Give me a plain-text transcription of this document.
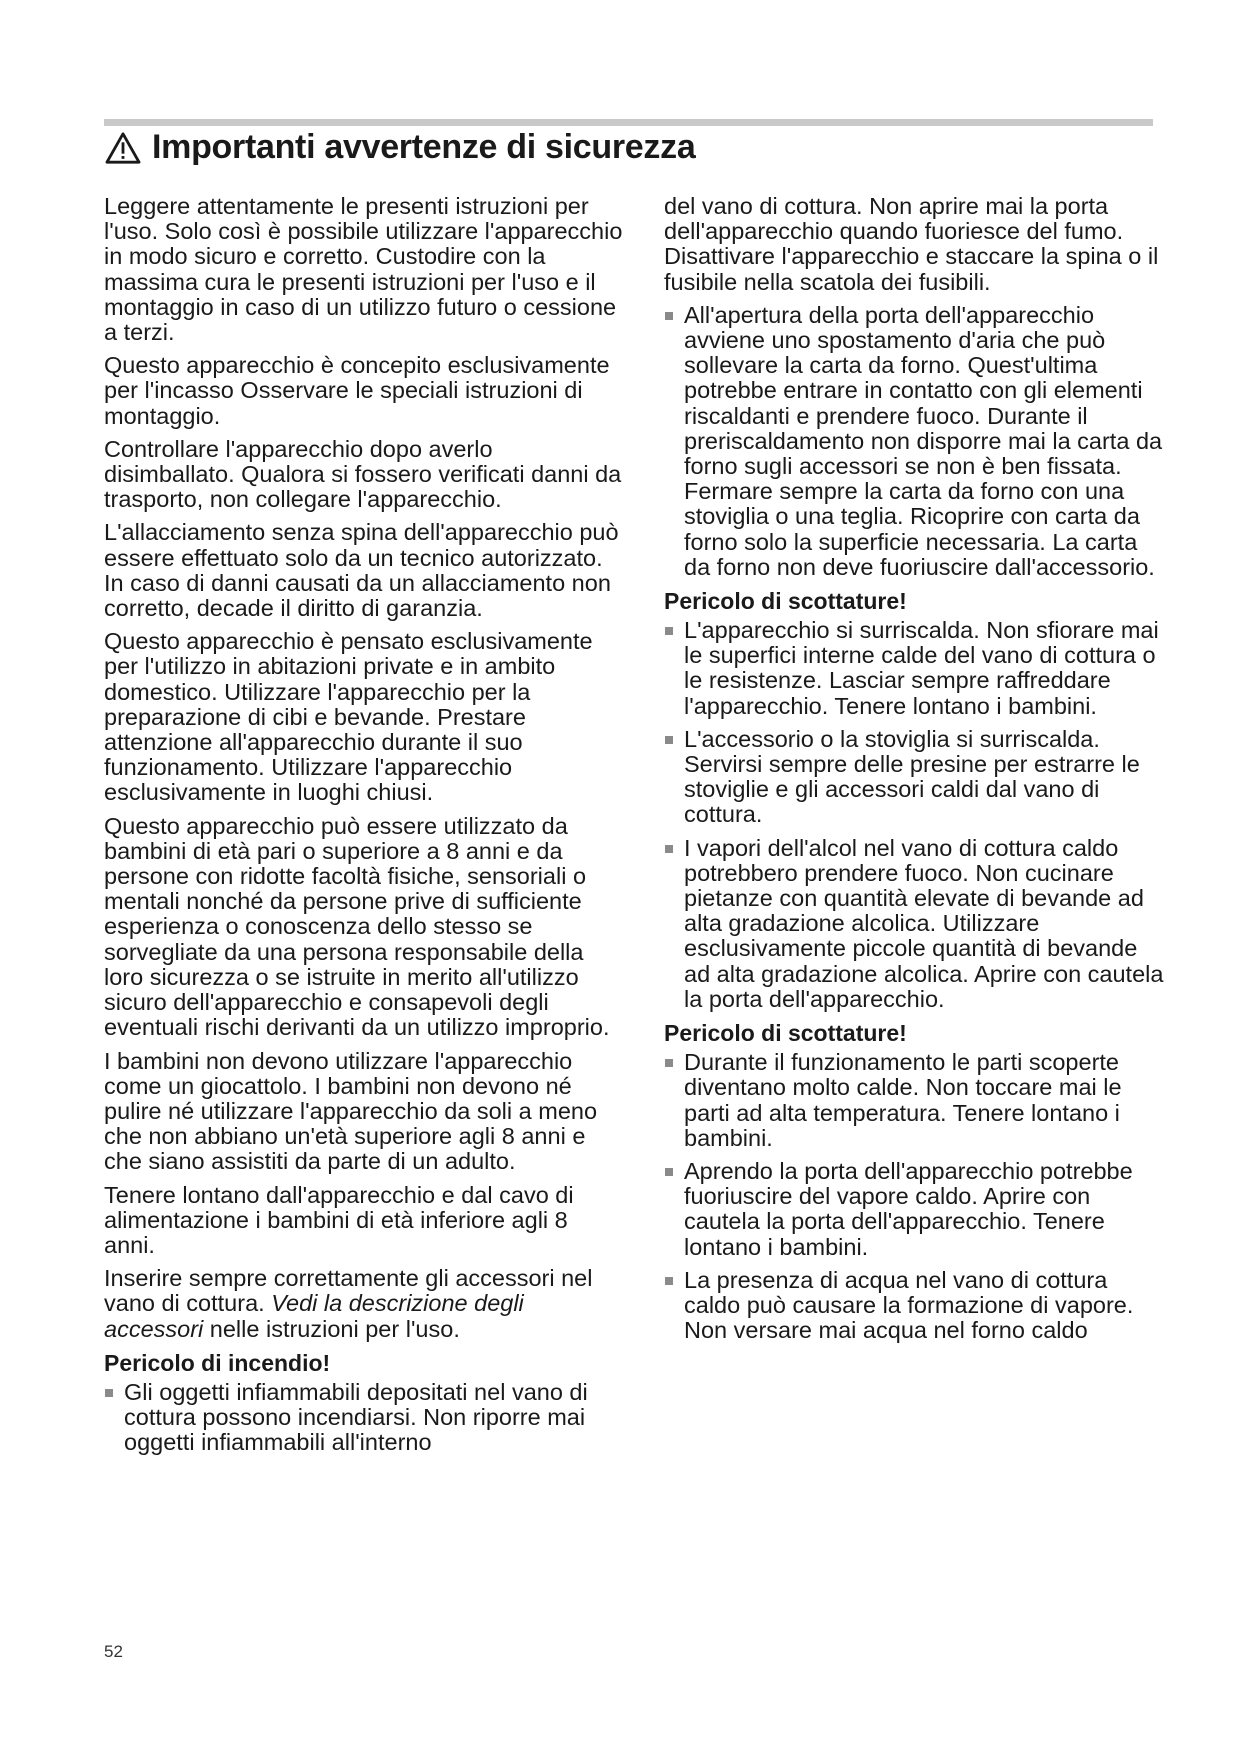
Importanti avvertenze di sicurezza

Leggere attentamente le presenti istruzioni per l'uso. Solo così è possibile utilizzare l'apparecchio in modo sicuro e corretto. Custodire con la massima cura le presenti istruzioni per l'uso e il montaggio in caso di un utilizzo futuro o cessione a terzi.

Questo apparecchio è concepito esclusivamente per l'incasso Osservare le speciali istruzioni di montaggio.

Controllare l'apparecchio dopo averlo disimballato. Qualora si fossero verificati danni da trasporto, non collegare l'apparecchio.

L'allacciamento senza spina dell'apparecchio può essere effettuato solo da un tecnico autorizzato. In caso di danni causati da un allacciamento non corretto, decade il diritto di garanzia.

Questo apparecchio è pensato esclusivamente per l'utilizzo in abitazioni private e in ambito domestico. Utilizzare l'apparecchio per la preparazione di cibi e bevande. Prestare attenzione all'apparecchio durante il suo funzionamento. Utilizzare l'apparecchio esclusivamente in luoghi chiusi.

Questo apparecchio può essere utilizzato da bambini di età pari o superiore a 8 anni e da persone con ridotte facoltà fisiche, sensoriali o mentali nonché da persone prive di sufficiente esperienza o conoscenza dello stesso se sorvegliate da una persona responsabile della loro sicurezza o se istruite in merito all'utilizzo sicuro dell'apparecchio e consapevoli degli eventuali rischi derivanti da un utilizzo improprio.

I bambini non devono utilizzare l'apparecchio come un giocattolo. I bambini non devono né pulire né utilizzare l'apparecchio da soli a meno che non abbiano un'età superiore agli 8 anni e che siano assistiti da parte di un adulto.

Tenere lontano dall'apparecchio e dal cavo di alimentazione i bambini di età inferiore agli 8 anni.

Inserire sempre correttamente gli accessori nel vano di cottura. Vedi la descrizione degli accessori nelle istruzioni per l'uso.

Pericolo di incendio!
Gli oggetti infiammabili depositati nel vano di cottura possono incendiarsi. Non riporre mai oggetti infiammabili all'interno
del vano di cottura. Non aprire mai la porta dell'apparecchio quando fuoriesce del fumo. Disattivare l'apparecchio e staccare la spina o il fusibile nella scatola dei fusibili.
All'apertura della porta dell'apparecchio avviene uno spostamento d'aria che può sollevare la carta da forno. Quest'ultima potrebbe entrare in contatto con gli elementi riscaldanti e prendere fuoco. Durante il preriscaldamento non disporre mai la carta da forno sugli accessori se non è ben fissata. Fermare sempre la carta da forno con una stoviglia o una teglia. Ricoprire con carta da forno solo la superficie necessaria. La carta da forno non deve fuoriuscire dall'accessorio.
Pericolo di scottature!
L'apparecchio si surriscalda. Non sfiorare mai le superfici interne calde del vano di cottura o le resistenze. Lasciar sempre raffreddare l'apparecchio. Tenere lontano i bambini.
L'accessorio o la stoviglia si surriscalda. Servirsi sempre delle presine per estrarre le stoviglie e gli accessori caldi dal vano di cottura.
I vapori dell'alcol nel vano di cottura caldo potrebbero prendere fuoco. Non cucinare pietanze con quantità elevate di bevande ad alta gradazione alcolica. Utilizzare esclusivamente piccole quantità di bevande ad alta gradazione alcolica. Aprire con cautela la porta dell'apparecchio.
Pericolo di scottature!
Durante il funzionamento le parti scoperte diventano molto calde. Non toccare mai le parti ad alta temperatura. Tenere lontano i bambini.
Aprendo la porta dell'apparecchio potrebbe fuoriuscire del vapore caldo. Aprire con cautela la porta dell'apparecchio. Tenere lontano i bambini.
La presenza di acqua nel vano di cottura caldo può causare la formazione di vapore. Non versare mai acqua nel forno caldo
52
